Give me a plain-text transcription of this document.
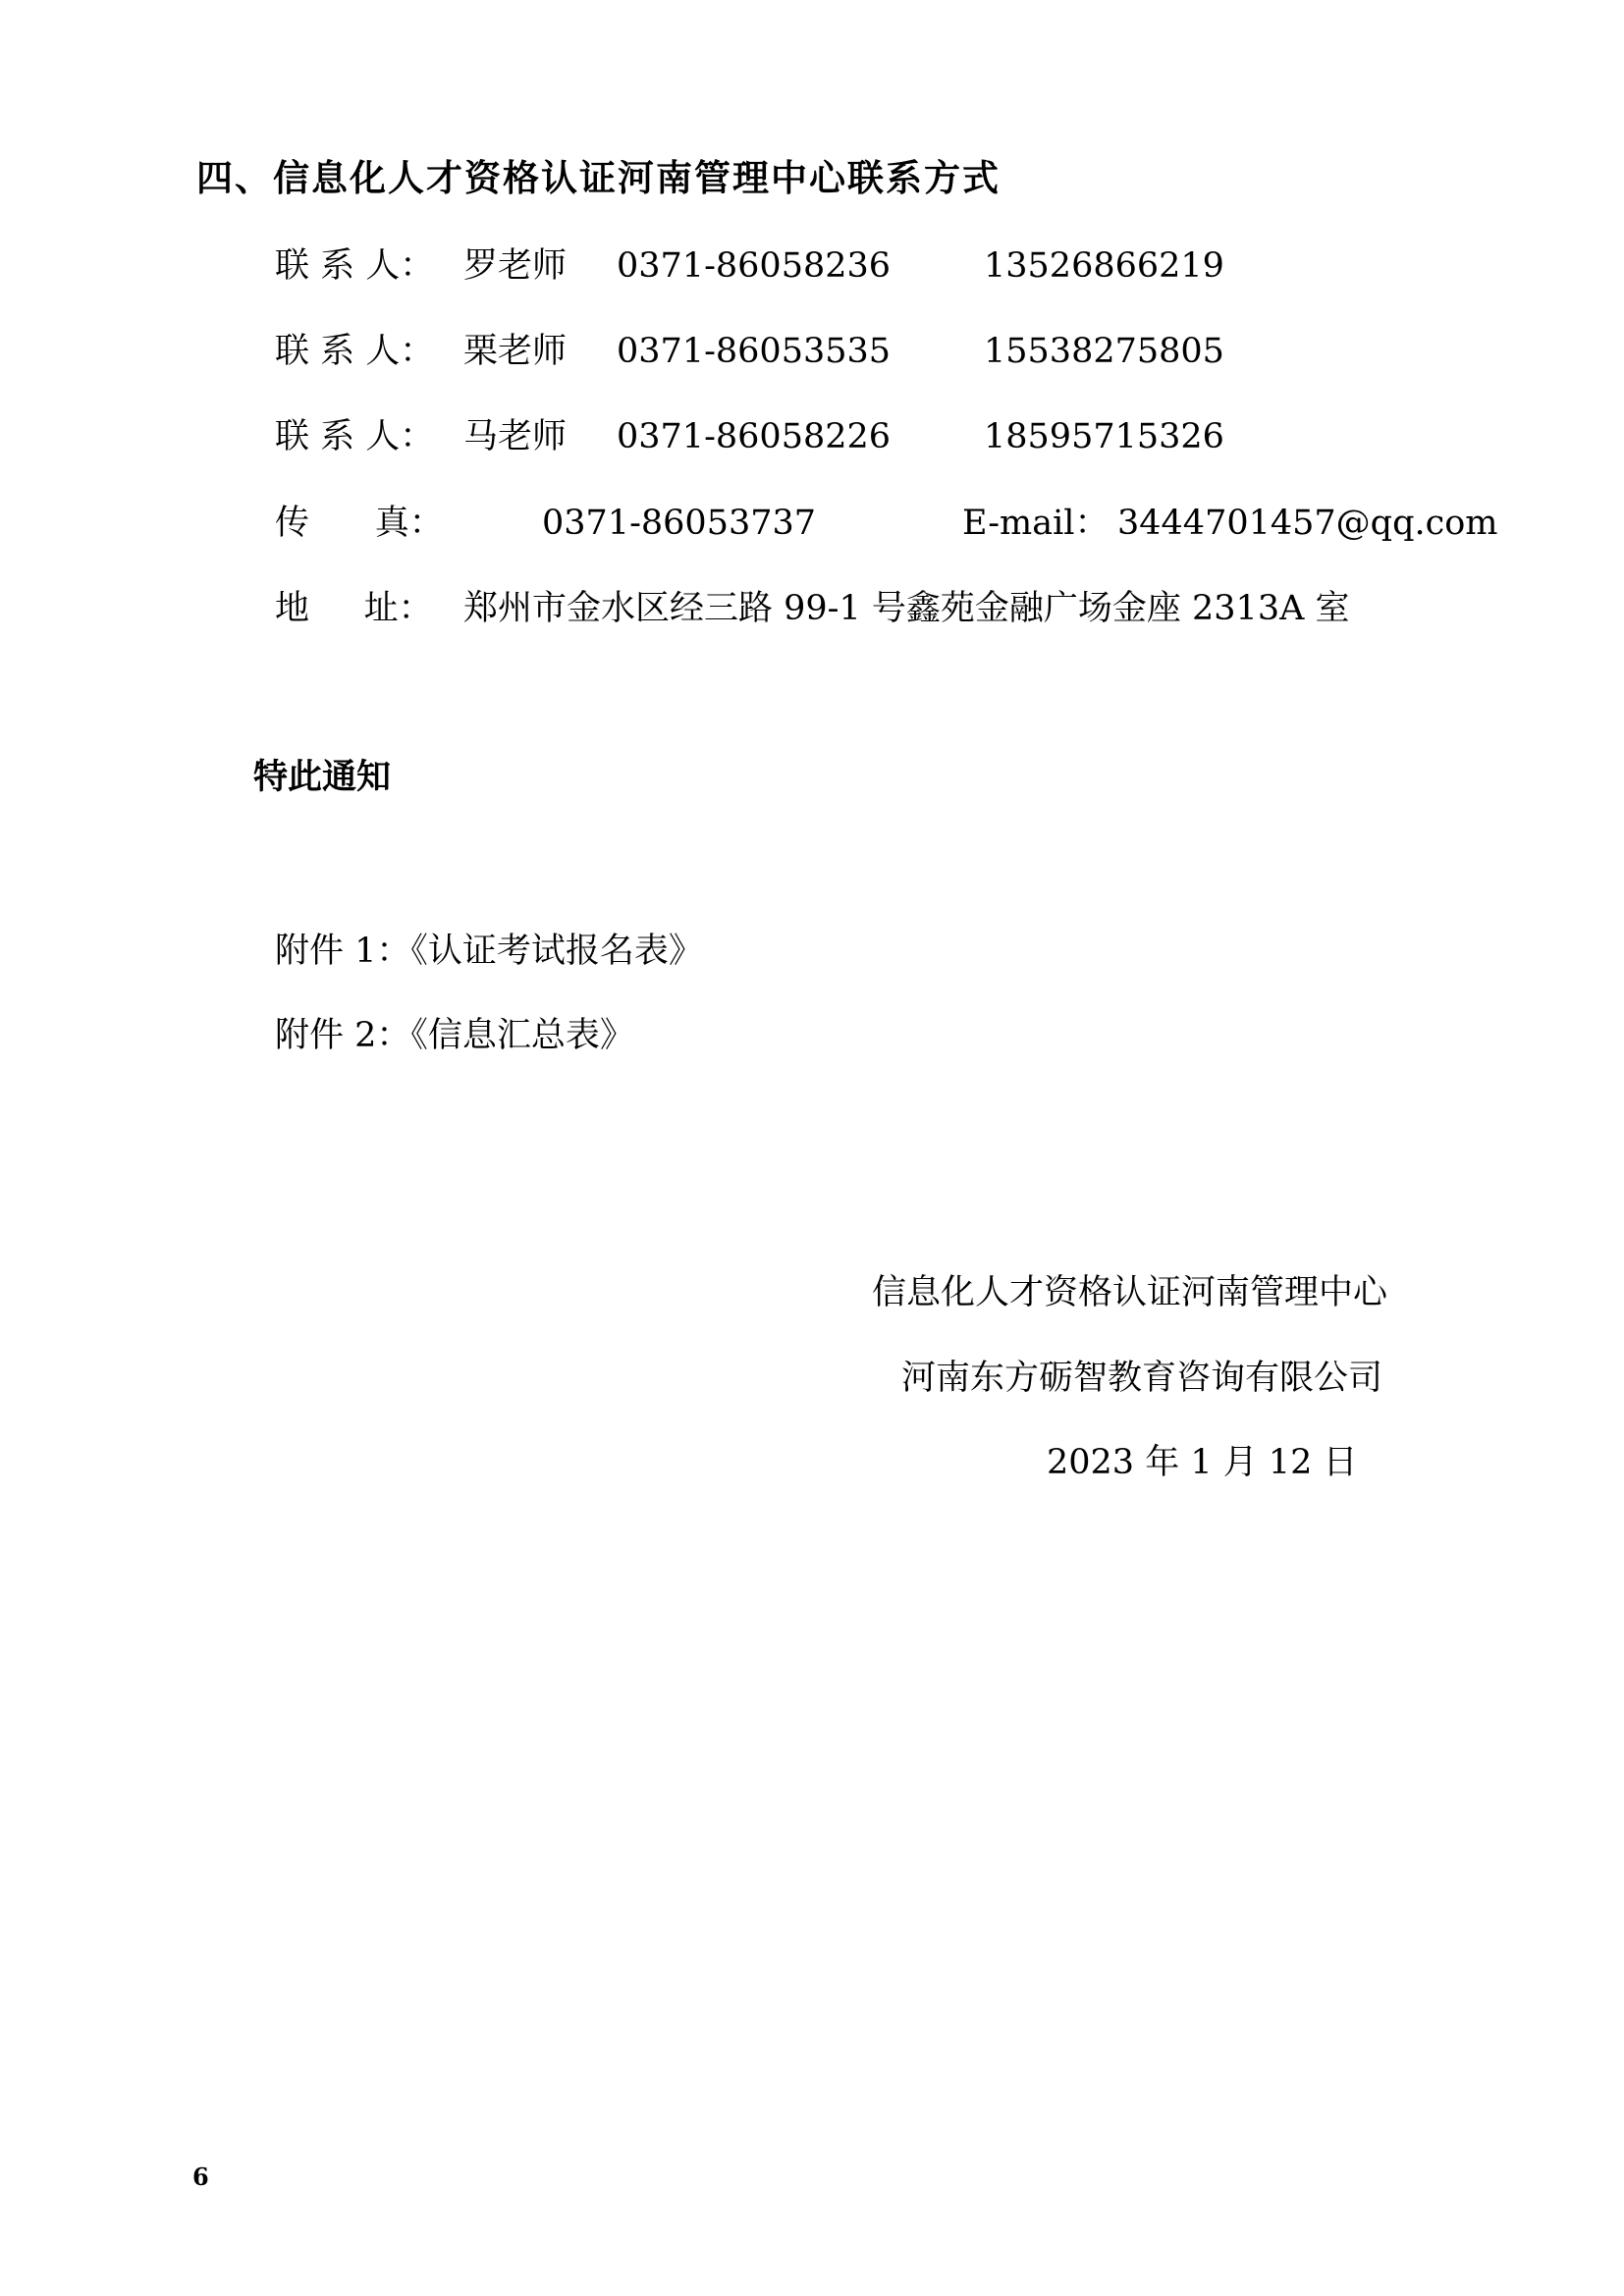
四、信息化人才资格认证河南管理中心联系方式
联 系 人： 罗老师 0371-86058236	13526866219
联 系 人： 栗老师 0371-86053535	15538275805
联 系 人： 马老师 0371-86058226	18595715326
传      真：	0371-86053737	E-mail： 3444701457@qq.com
地     址： 郑州市金水区经三路 99-1 号鑫苑金融广场金座 2313A 室
特此通知
附件 1：《认证考试报名表》
附件 2：《信息汇总表》
信息化人才资格认证河南管理中心
河南东方砺智教育咨询有限公司
2023 年 1 月 12 日
6
